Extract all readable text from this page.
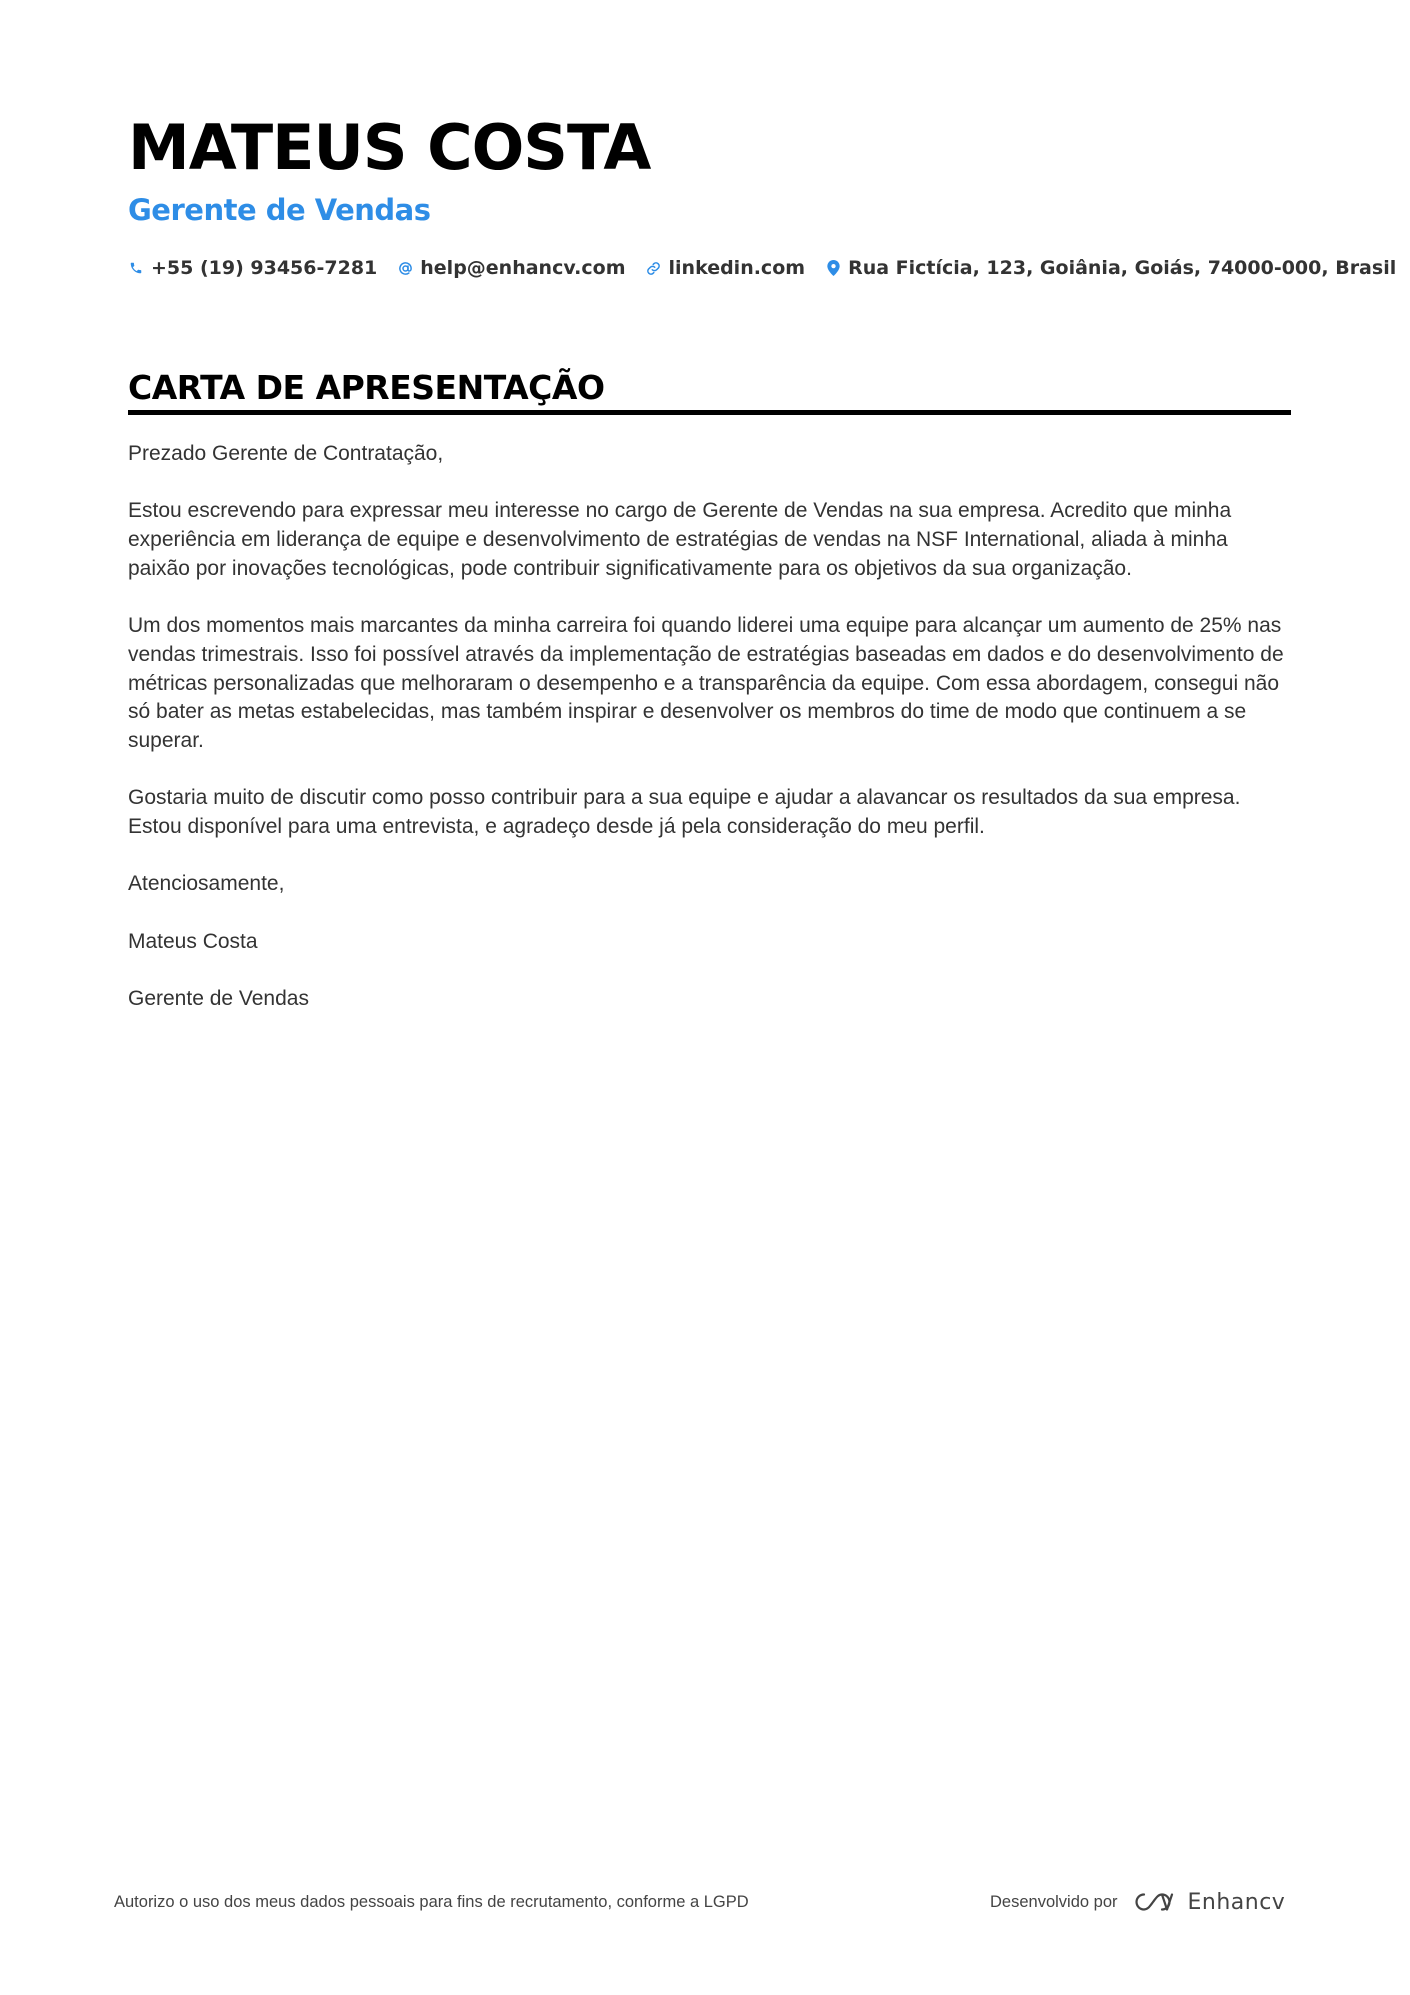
MATEUS COSTA
Gerente de Vendas
+55 (19) 93456-7281 help@enhancv.com linkedin.com Rua Fictícia, 123, Goiânia, Goiás, 74000-000, Brasil
CARTA DE APRESENTAÇÃO

Prezado Gerente de Contratação,

Estou escrevendo para expressar meu interesse no cargo de Gerente de Vendas na sua empresa. Acredito que minha experiência em liderança de equipe e desenvolvimento de estratégias de vendas na NSF International, aliada à minha paixão por inovações tecnológicas, pode contribuir significativamente para os objetivos da sua organização.

Um dos momentos mais marcantes da minha carreira foi quando liderei uma equipe para alcançar um aumento de 25% nas vendas trimestrais. Isso foi possível através da implementação de estratégias baseadas em dados e do desenvolvimento de métricas personalizadas que melhoraram o desempenho e a transparência da equipe. Com essa abordagem, consegui não só bater as metas estabelecidas, mas também inspirar e desenvolver os membros do time de modo que continuem a se superar.

Gostaria muito de discutir como posso contribuir para a sua equipe e ajudar a alavancar os resultados da sua empresa. Estou disponível para uma entrevista, e agradeço desde já pela consideração do meu perfil.

Atenciosamente,

Mateus Costa

Gerente de Vendas

Autorizo o uso dos meus dados pessoais para fins de recrutamento, conforme a LGPD	Desenvolvido por	Enhancv
